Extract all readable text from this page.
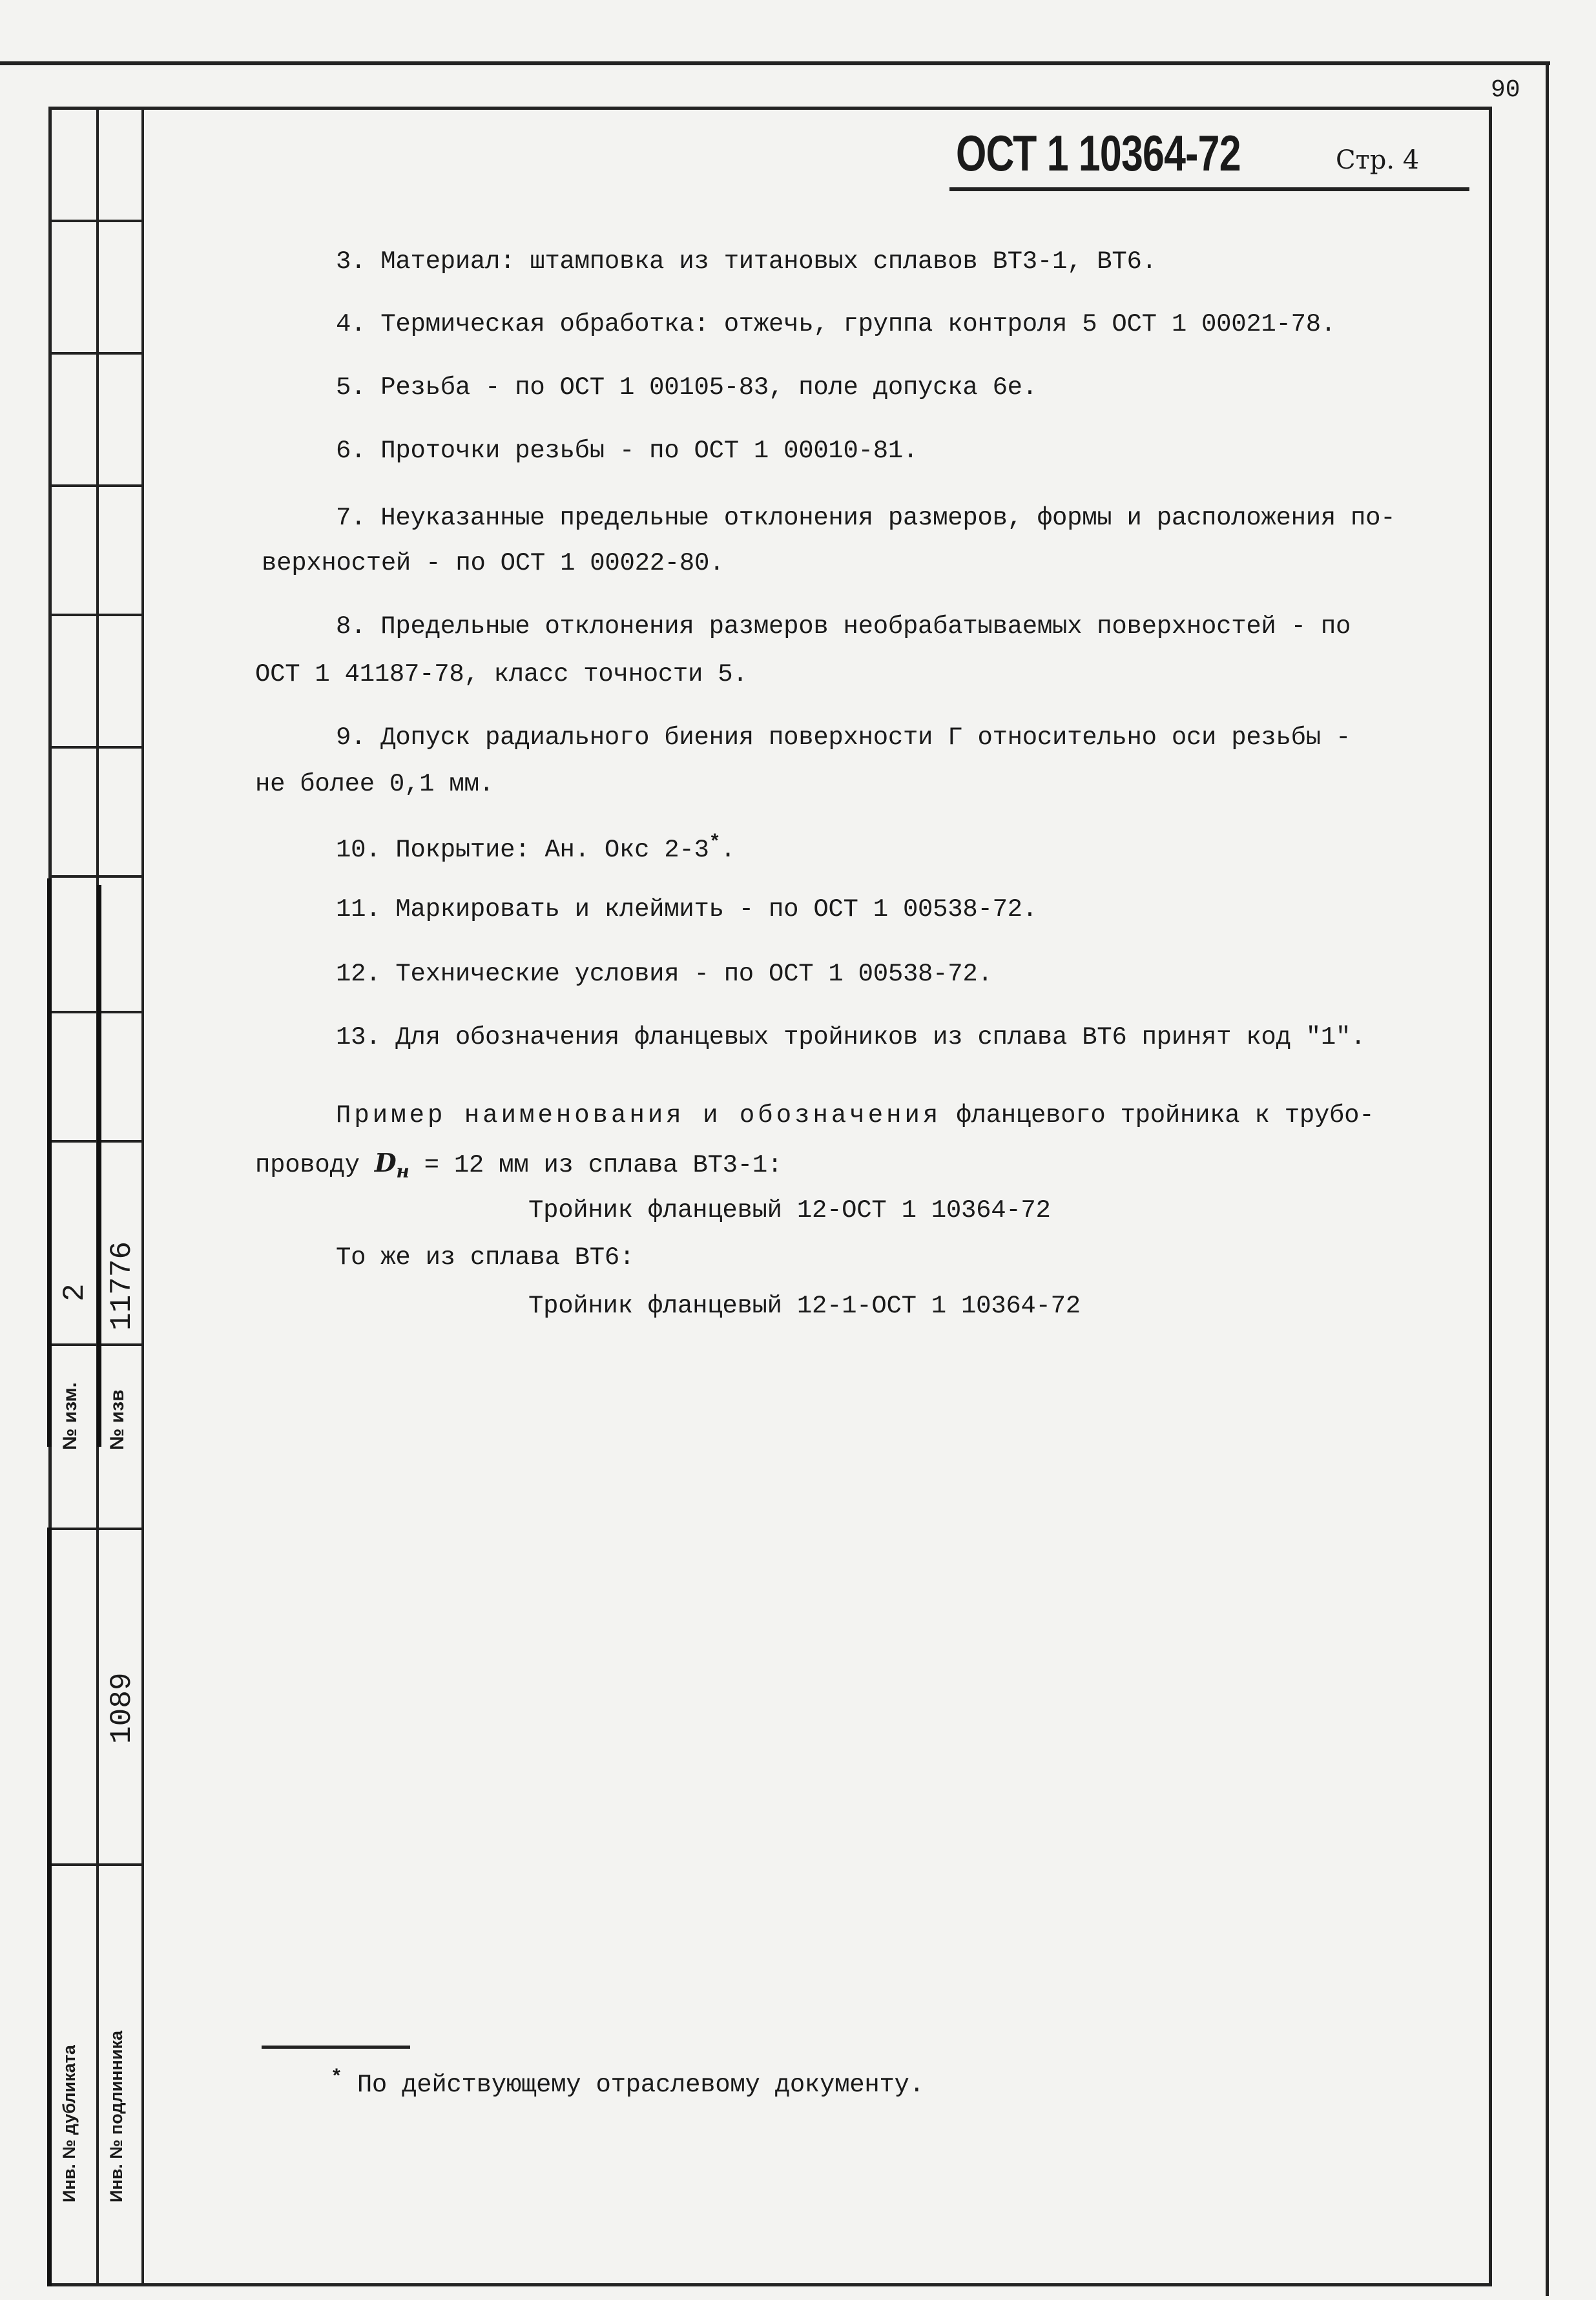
90
№ изм. № изв
2 11776
1089
Инв. № дубликата Инв. № подлинника
ОСТ 1 10364-72	Стр. 4
3. Материал: штамповка из титановых сплавов ВТ3-1, ВТ6.
4. Термическая обработка: отжечь, группа контроля 5 ОСТ 1 00021-78.
5. Резьба - по ОСТ 1 00105-83, поле допуска 6е.
6. Проточки резьбы - по ОСТ 1 00010-81.
7. Неуказанные предельные отклонения размеров, формы и расположения по-
верхностей - по ОСТ 1 00022-80.
8. Предельные отклонения размеров необрабатываемых поверхностей - по
ОСТ 1 41187-78, класс точности 5.
9. Допуск радиального биения поверхности Г относительно оси резьбы -
не более 0,1 мм.
10. Покрытие: Ан. Окс 2-3*.
11. Маркировать и клеймить - по ОСТ 1 00538-72.
12. Технические условия - по ОСТ 1 00538-72.
13. Для обозначения фланцевых тройников из сплава ВТ6 принят код "1".
Пример наименования и обозначения фланцевого тройника к трубо-
проводу $D_н = 12$ мм из сплава ВТ3-1:
Тройник фланцевый 12-ОСТ 1 10364-72
То же из сплава ВТ6:
Тройник фланцевый 12-1-ОСТ 1 10364-72
* По действующему отраслевому документу.
